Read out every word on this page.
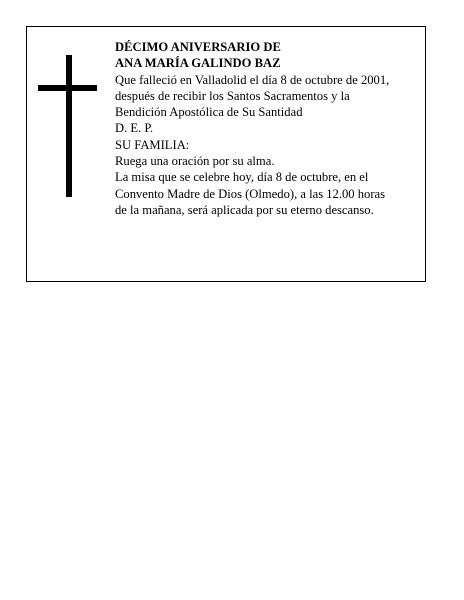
DÉCIMO ANIVERSARIO DE
ANA MARÍA GALINDO BAZ
Que falleció en Valladolid el día 8 de octubre de 2001,
después de recibir los Santos Sacramentos y la
Bendición Apostólica de Su Santidad
D. E. P.
SU FAMILIA:
Ruega una oración por su alma.
La misa que se celebre hoy, día 8 de octubre, en el
Convento Madre de Dios (Olmedo), a las 12.00 horas
de la mañana, será aplicada por su eterno descanso.
